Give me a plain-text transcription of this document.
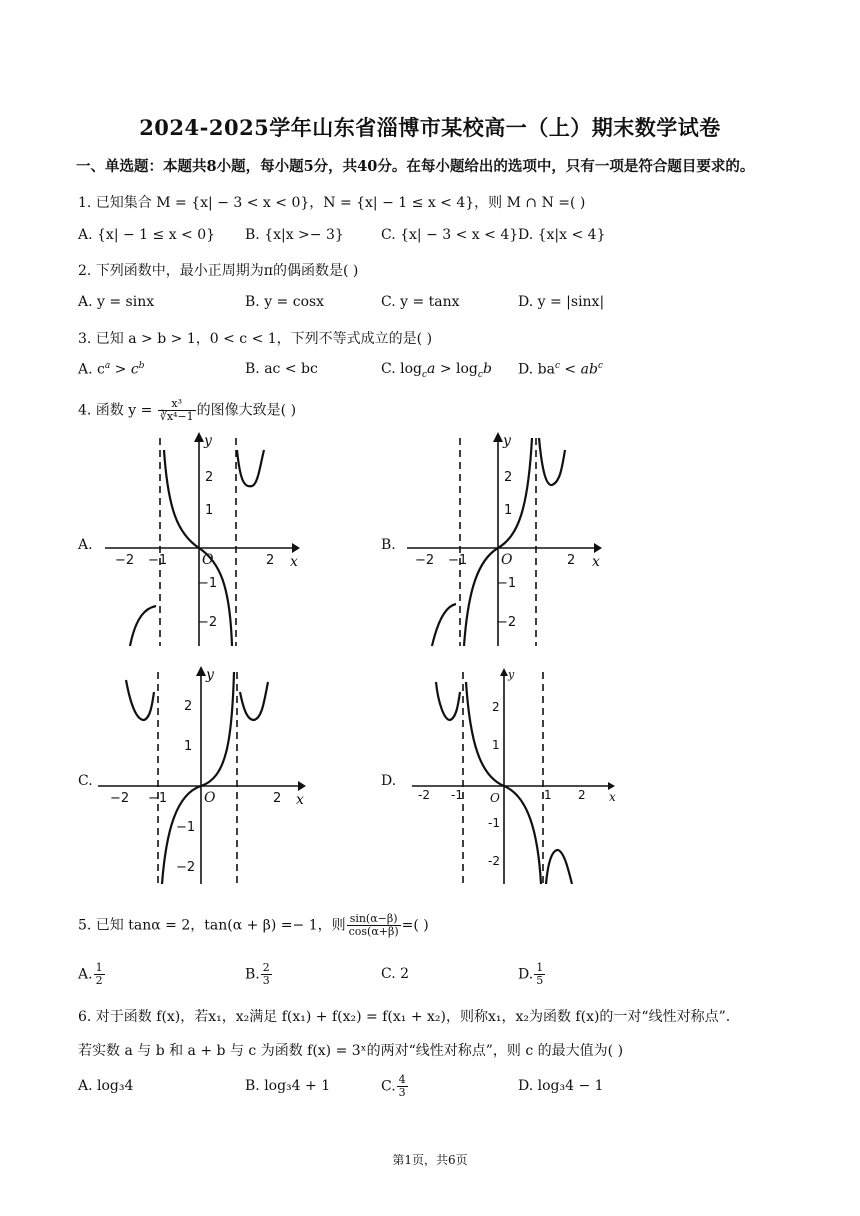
2024-2025学年山东省淄博市某校高一（上）期末数学试卷
一、单选题：本题共8小题，每小题5分，共40分。在每小题给出的选项中，只有一项是符合题目要求的。
1. 已知集合 M = {x| − 3 < x < 0}，N = {x| − 1 ≤ x < 4}，则 M ∩ N =( )
A. {x| − 1 ≤ x < 0} B. {x|x >− 3}	C. {x| − 3 < x < 4} D. {x|x < 4}
2. 下列函数中，最小正周期为π的偶函数是( )
A. y = sinx	B. y = cosx	C. y = tanx	D. y = |sinx|
3. 已知 a > b > 1，0 < c < 1，下列不等式成立的是( )
A. $c^a > c^b$	B. ac < bc	C. $\log_ca > \log_cb$ D. $ba^c < ab^c$
4. 函数 $y = \frac{\text{x³}}{\text{∛x⁴−1}}$ 的图像大致是( )
A.
y
2
1
−1
−2
−2 −1	2 x
O
B.
y
2
1
−1
−2
−2 −1	2 x
O
C.
y
2
1
−1
−2
−2 −1	2 x
O
D.
y
2
1
-1
-2
-2 -1	1 2 x
O
5. 已知 tanα = 2，tan(α + β) =− 1，则 $\frac{\sin(\alpha-\beta)}{\cos(\alpha+\beta)}$ =( )
A. $\frac{1}{2}$	B. $\frac{2}{3}$	C. 2	D. $\frac{1}{5}$
6. 对于函数 f(x)，若x₁，x₂满足 f(x₁) + f(x₂) = f(x₁ + x₂)，则称x₁，x₂为函数 f(x)的一对“线性对称点”.
若实数 a 与 b 和 a + b 与 c 为函数 f(x) = 3ˣ的两对“线性对称点”，则 c 的最大值为( )
A. log₃4	B. log₃4 + 1	C. $\frac{4}{3}$	D. log₃4 − 1
第1页，共6页
